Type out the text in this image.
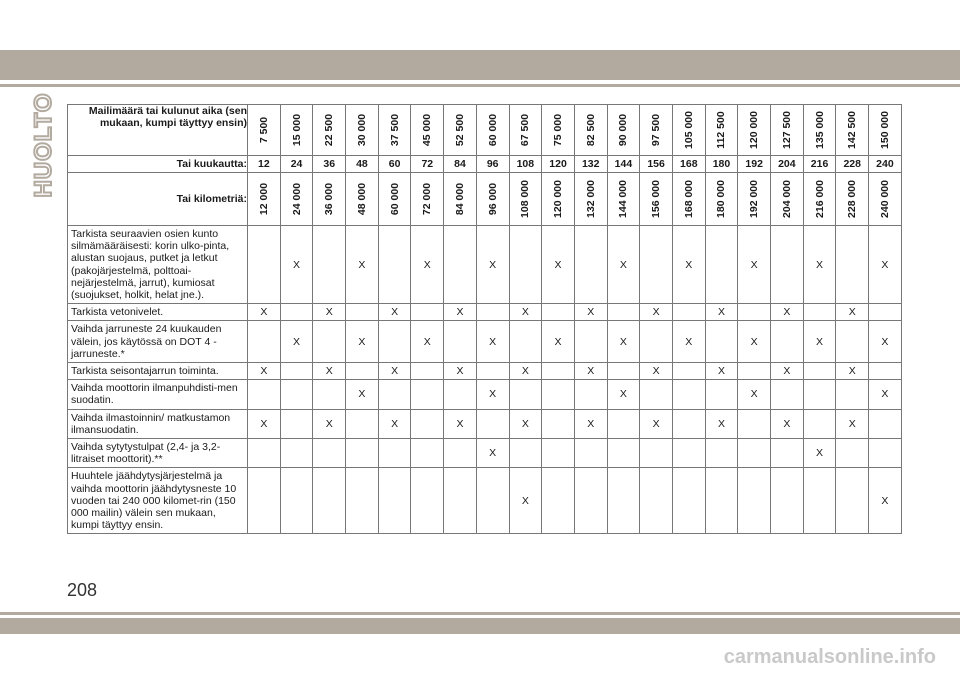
HUOLTO	Mailimäärä tai kulunut aika (sen mukaan, kumpi täyttyy ensin)	7 500	15 000	22 500	30 000	37 500	45 000	52 500	60 000	67 500	75 000	82 500	90 000	97 500	105 000	112 500	120 000	127 500	135 000	142 500	150 000

Tai kuukautta:	12	24	36	48	60	72	84	96	108	120	132	144	156	168	180	192	204	216	228	240
Tai kilometriä:	12 000	24 000	36 000	48 000	60 000	72 000	84 000	96 000	108 000	120 000	132 000	144 000	156 000	168 000	180 000	192 000	204 000	216 000	228 000	240 000

Tarkista seuraavien osien kunto silmämääräisesti: korin ulko-pinta, alustan suojaus, putket ja letkut (pakojärjestelmä, polttoai-nejärjestelmä, jarrut), kumiosat (suojukset, holkit, helat jne.).		X		X		X		X		X		X		X		X		X		X
Tarkista vetonivelet.	X		X		X		X		X		X		X		X		X		X	
Vaihda jarruneste 24 kuukauden välein, jos käytössä on DOT 4 -jarruneste.*		X		X		X		X		X		X		X		X		X		X
Tarkista seisontajarrun toiminta.	X		X		X		X		X		X		X		X		X		X	
Vaihda moottorin ilmanpuhdisti-men suodatin.				X				X				X				X				X
Vaihda ilmastoinnin/ matkustamon ilmansuodatin.	X		X		X		X		X		X		X		X		X		X	
Vaihda sytytystulpat (2,4- ja 3,2-litraiset moottorit).**								X										X		
Huuhtele jäähdytysjärjestelmä ja vaihda moottorin jäähdytysneste 10 vuoden tai 240 000 kilomet-rin (150 000 mailin) välein sen mukaan, kumpi täyttyy ensin.									X											X
208
carmanualsonline.info
